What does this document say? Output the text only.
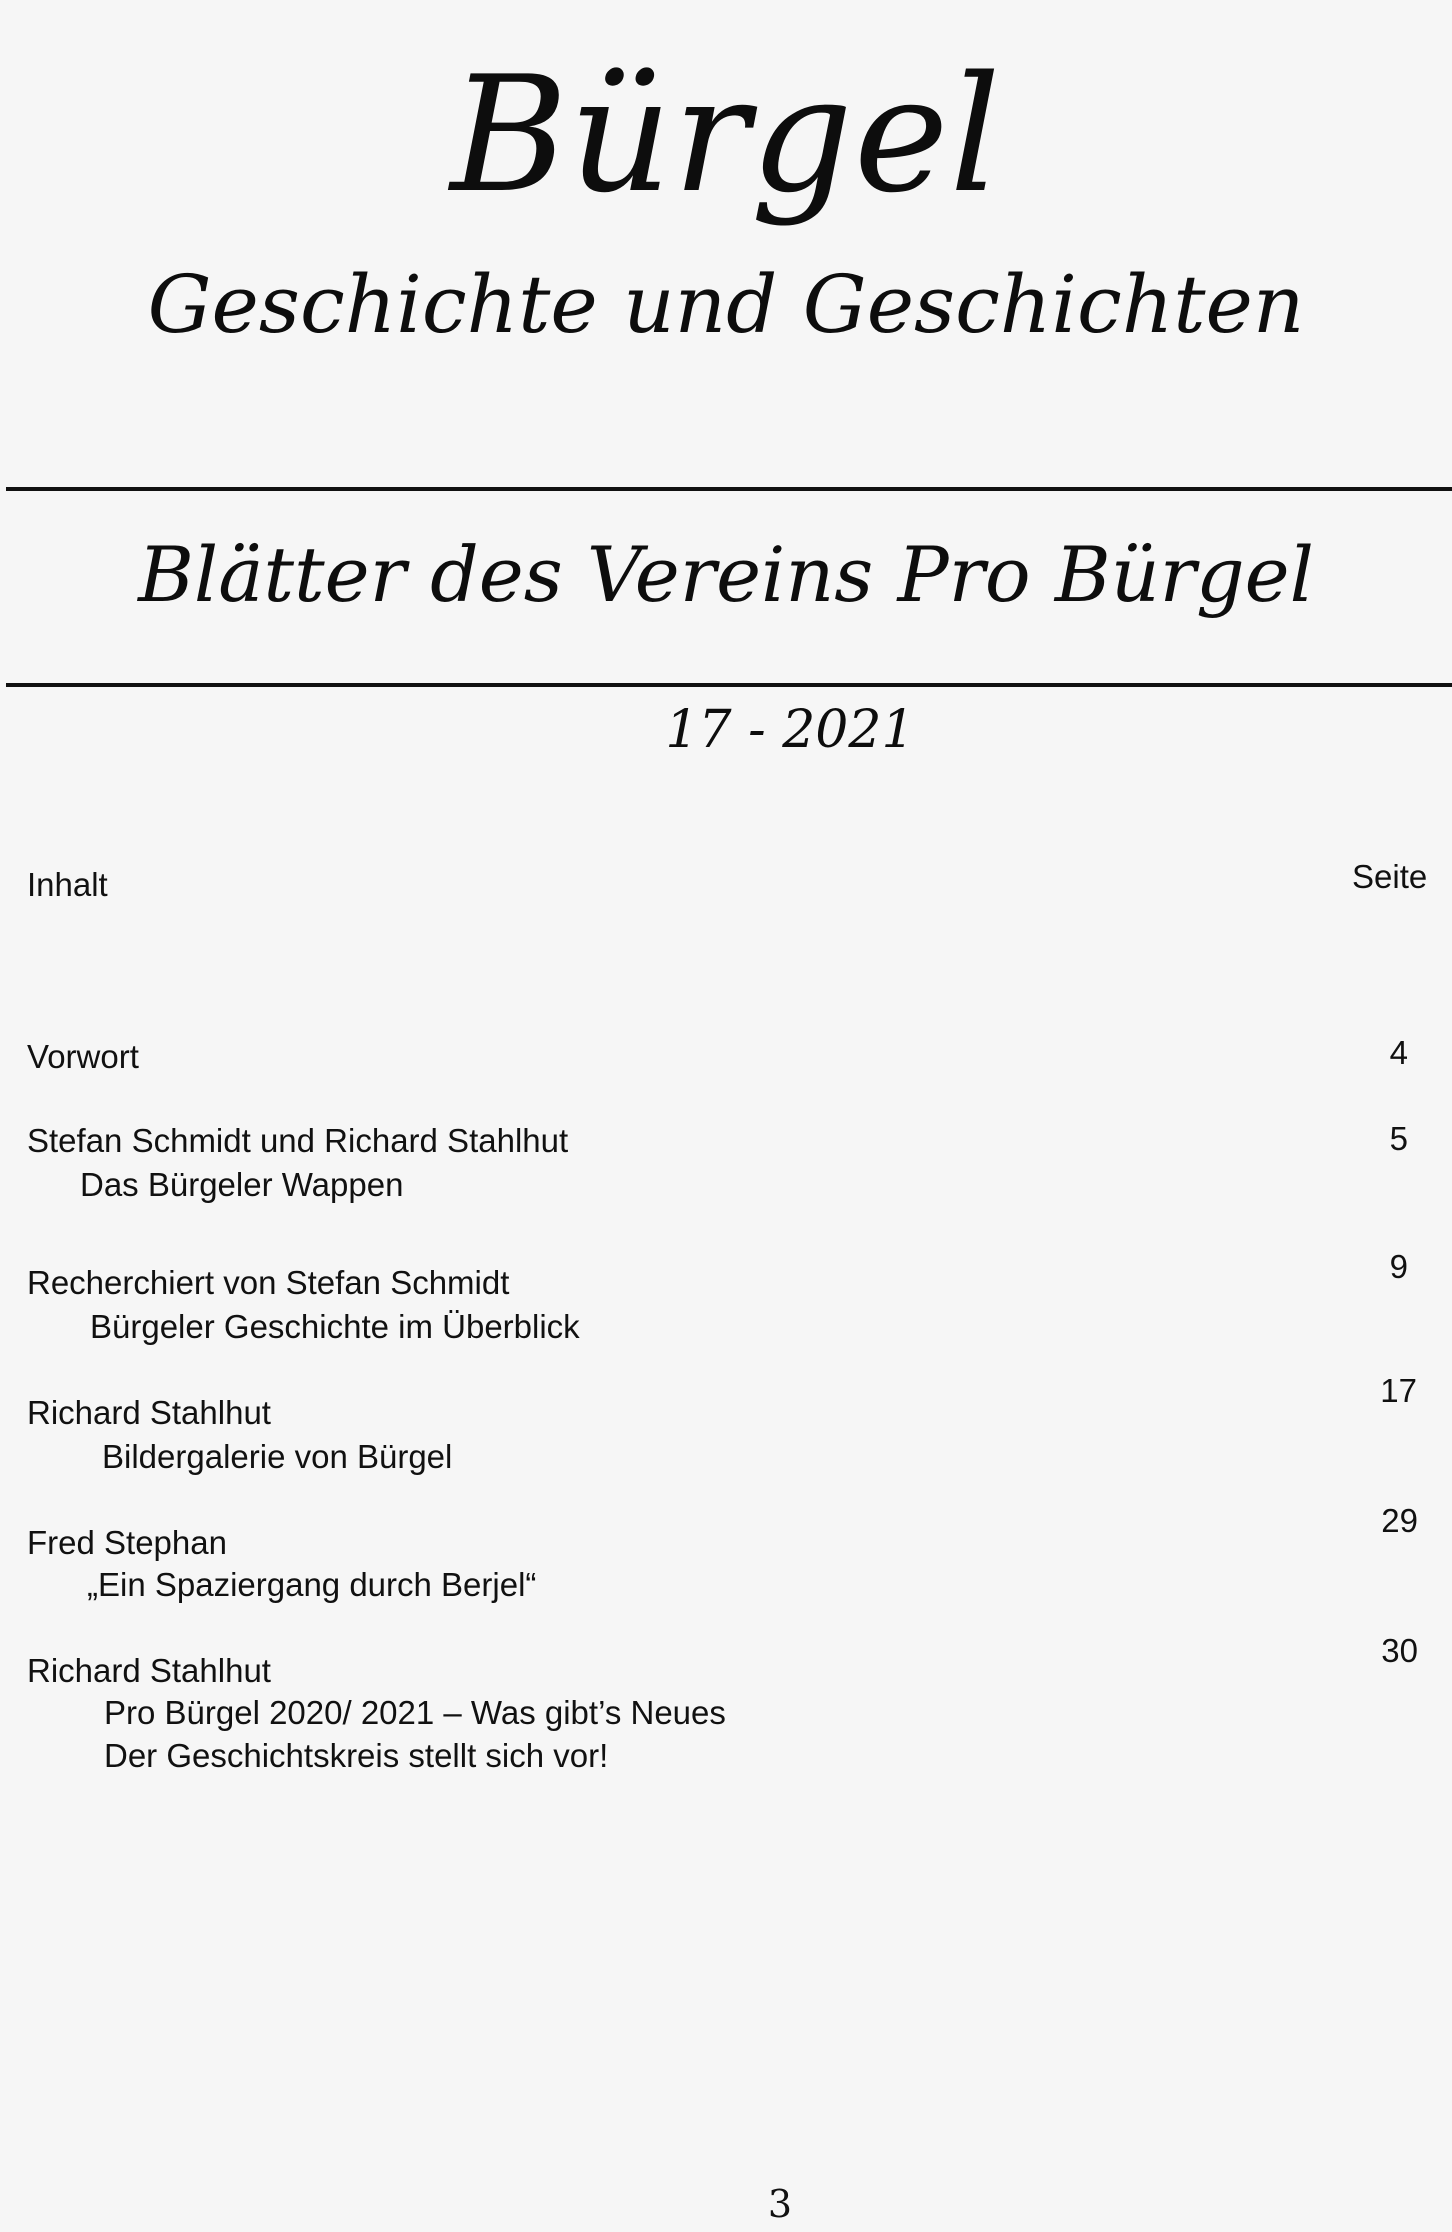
Bürgel
Geschichte und Geschichten
Blätter des Vereins Pro Bürgel
17 - 2021
Inhalt	Seite
Vorwort	4
Stefan Schmidt und Richard Stahlhut
Das Bürgeler Wappen
5
Recherchiert von Stefan Schmidt
Bürgeler Geschichte im Überblick
9
Richard Stahlhut
Bildergalerie von Bürgel
17
Fred Stephan
„Ein Spaziergang durch Berjel“
29
Richard Stahlhut
Pro Bürgel 2020/ 2021 – Was gibt’s Neues
Der Geschichtskreis stellt sich vor!
30
3
